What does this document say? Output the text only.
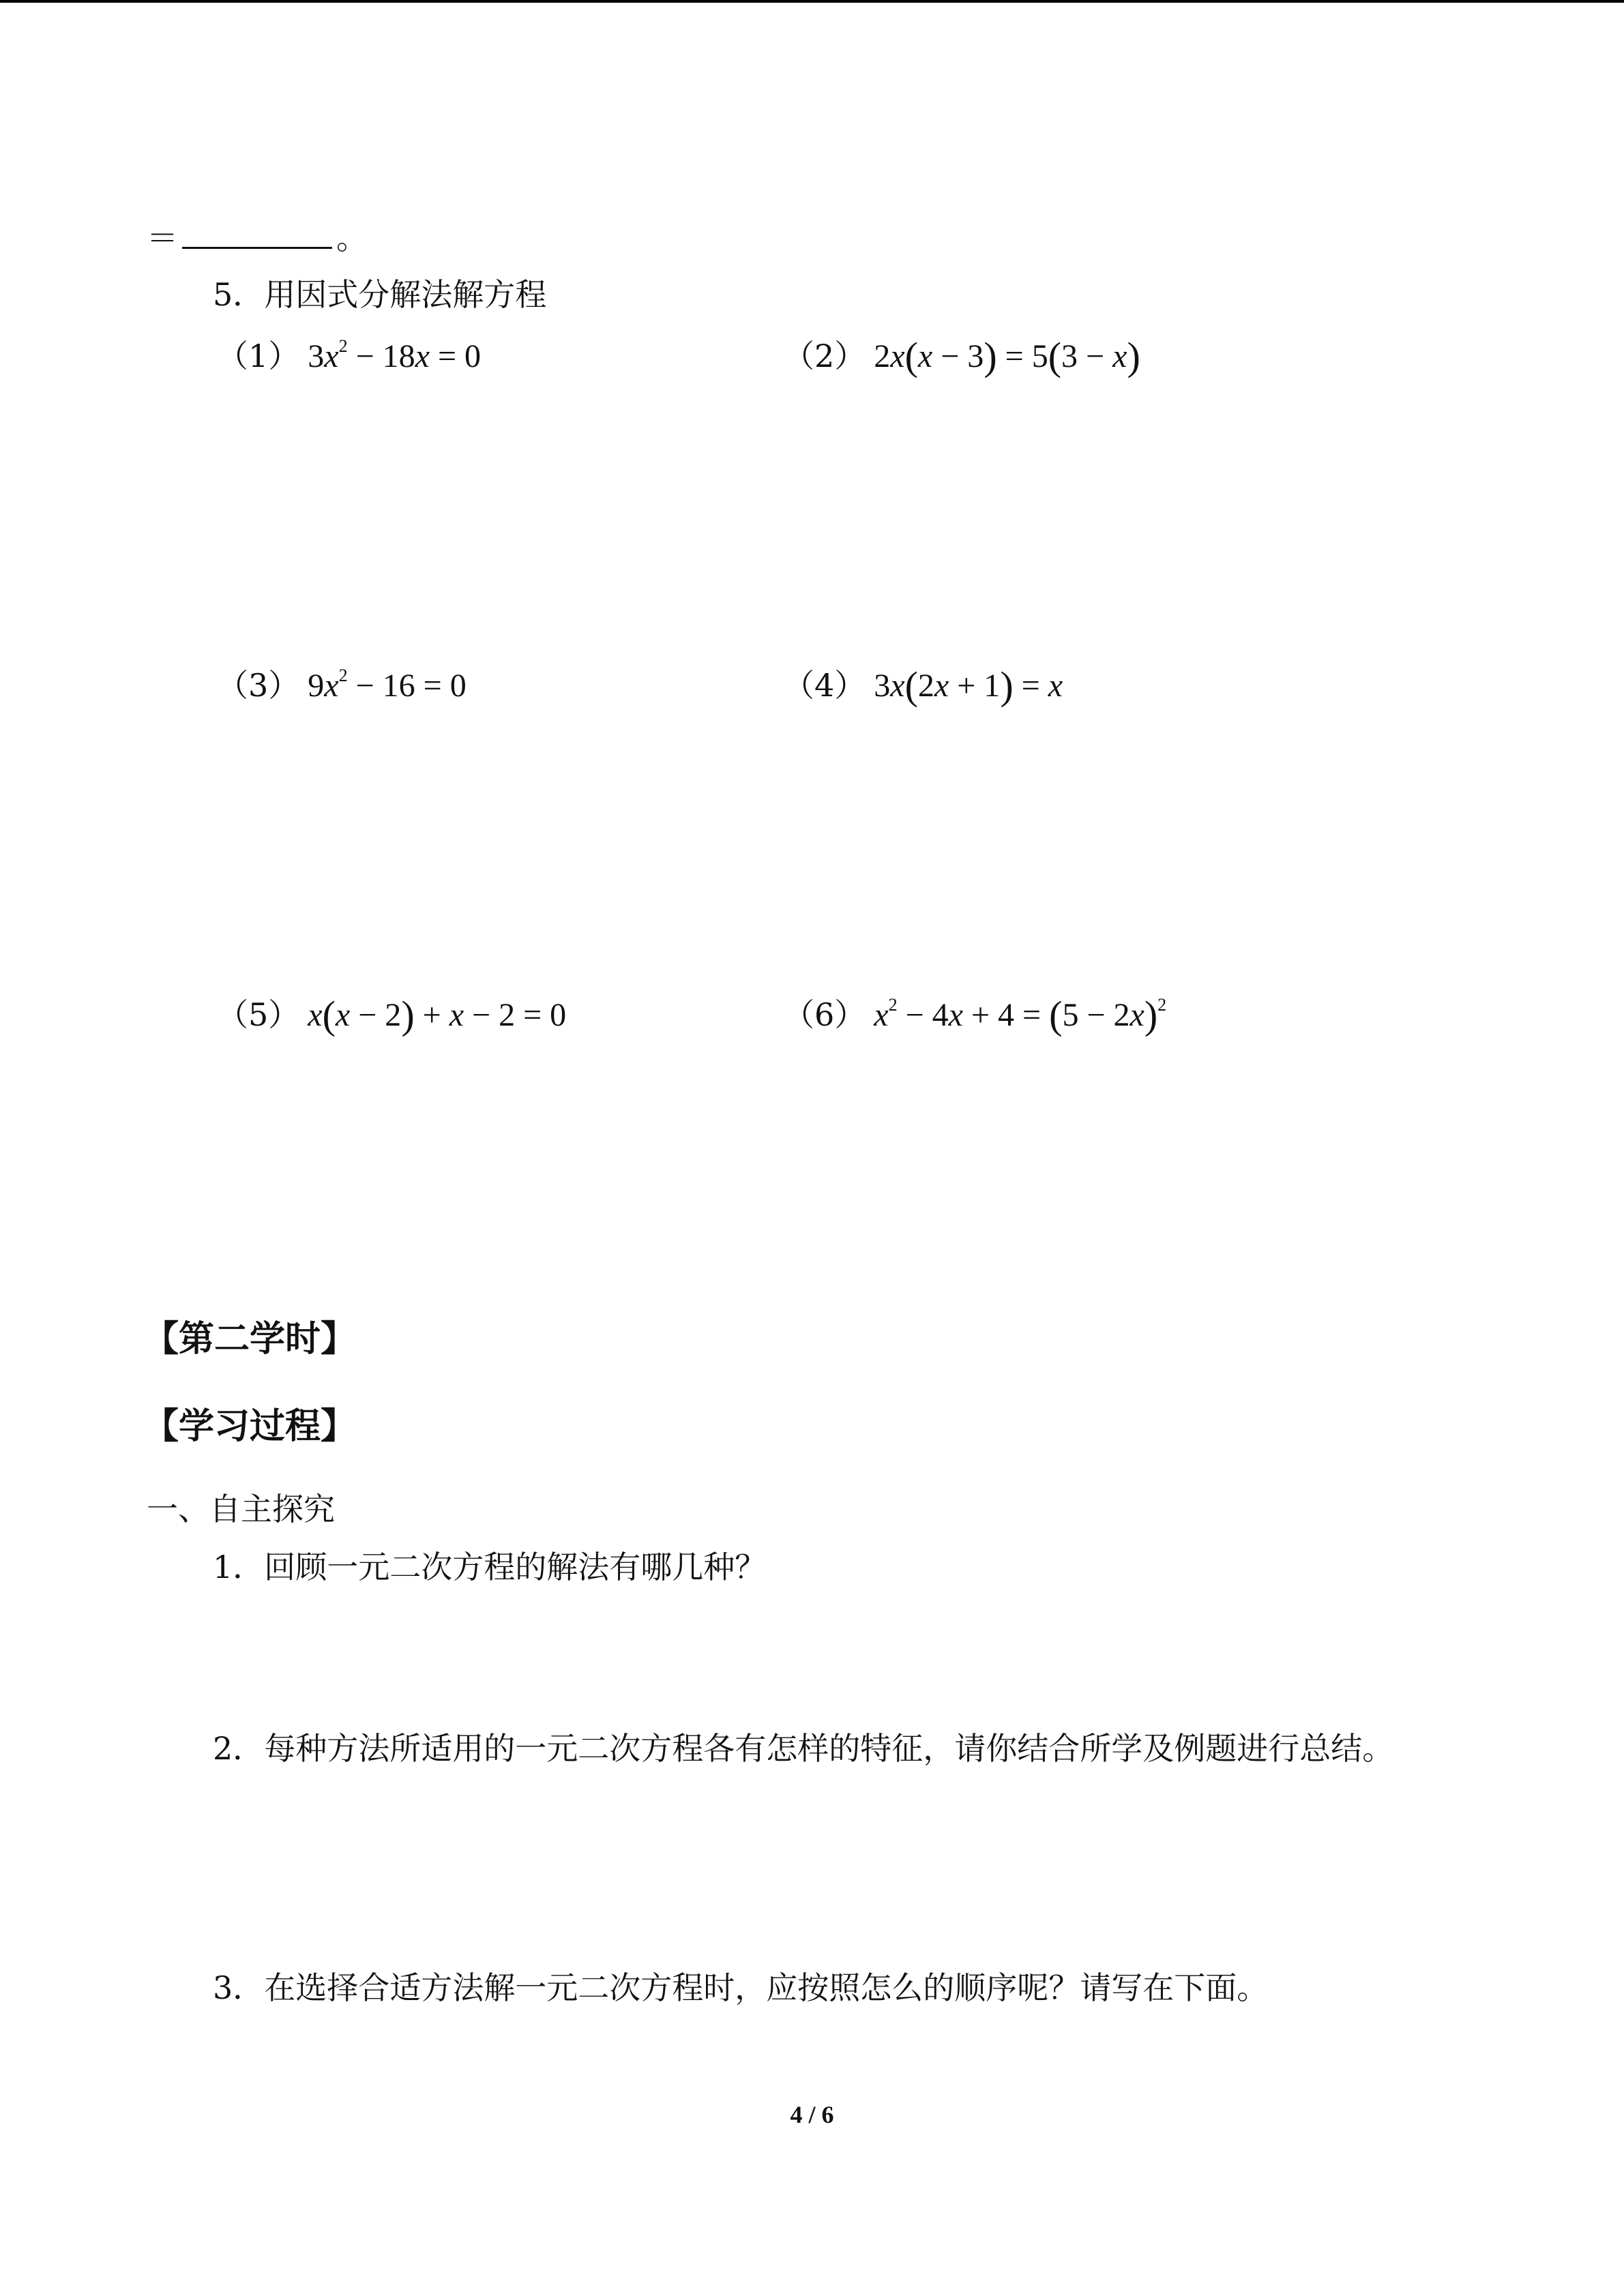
＝	。
5．用因式分解法解方程
（1） $3x^2 - 18x = 0$	（2） 2x(x − 3) = 5(3 − x)
（3） $9x^2 - 16 = 0$	（4） 3x(2x + 1) = x
（5） x(x − 2) + x − 2 = 0	（6） $x^2 - 4x + 4 = (5 - 2x)^2$
【第二学时】
【学习过程】
一、自主探究
1．回顾一元二次方程的解法有哪几种？
2．每种方法所适用的一元二次方程各有怎样的特征，请你结合所学及例题进行总结。
3．在选择合适方法解一元二次方程时，应按照怎么的顺序呢？请写在下面。
4 / 6
